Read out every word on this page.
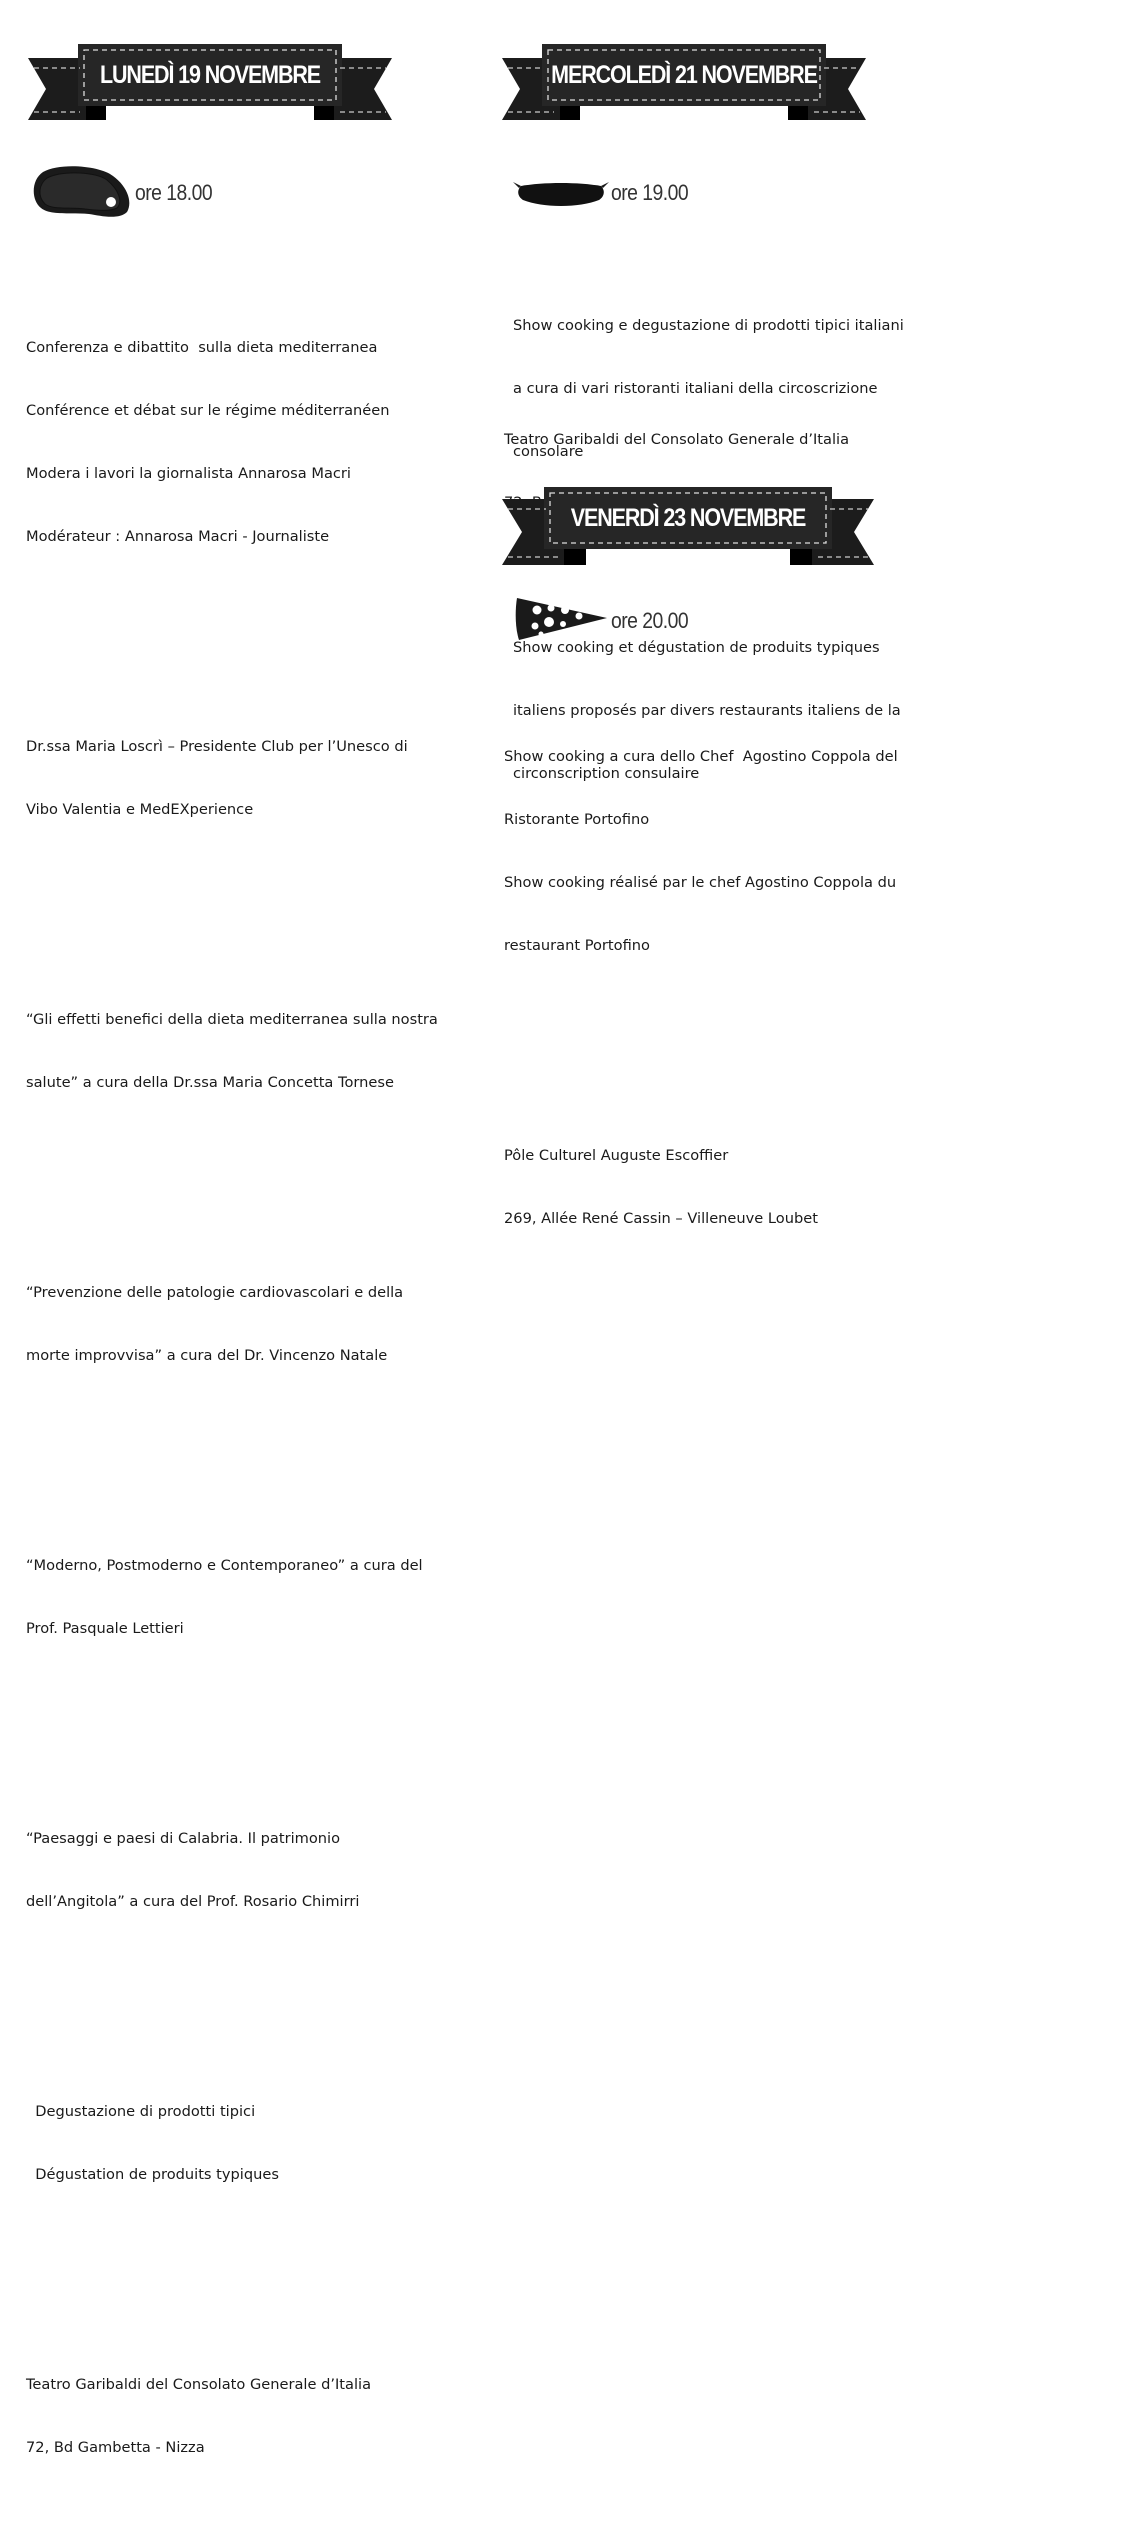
LUNEDÌ 19 NOVEMBRE
ore 18.00

Conferenza e dibattito  sulla dieta mediterranea

Conférence et débat sur le régime méditerranéen

Modera i lavori la giornalista Annarosa Macri

Modérateur : Annarosa Macri - Journaliste

Dr.ssa Maria Loscrì – Presidente Club per l’Unesco di

Vibo Valentia e MedEXperience

“Gli effetti benefici della dieta mediterranea sulla nostra

salute” a cura della Dr.ssa Maria Concetta Tornese

“Prevenzione delle patologie cardiovascolari e della

morte improvvisa” a cura del Dr. Vincenzo Natale

“Moderno, Postmoderno e Contemporaneo” a cura del

Prof. Pasquale Lettieri

“Paesaggi e paesi di Calabria. Il patrimonio

dell’Angitola” a cura del Prof. Rosario Chimirri

Degustazione di prodotti tipici

Dégustation de produits typiques

Teatro Garibaldi del Consolato Generale d’Italia

72, Bd Gambetta - Nizza

MERCOLEDÌ 21 NOVEMBRE
ore 19.00

Show cooking e degustazione di prodotti tipici italiani

a cura di vari ristoranti italiani della circoscrizione

consolare

Show cooking et dégustation de produits typiques

italiens proposés par divers restaurants italiens de la

circonscription consulaire

Teatro Garibaldi del Consolato Generale d’Italia

VENERDÌ 23 NOVEMBRE
ore 20.00

Show cooking a cura dello Chef  Agostino Coppola del

Ristorante Portofino

Show cooking réalisé par le chef Agostino Coppola du

restaurant Portofino

Pôle Culturel Auguste Escoffier

269, Allée René Cassin – Villeneuve Loubet
